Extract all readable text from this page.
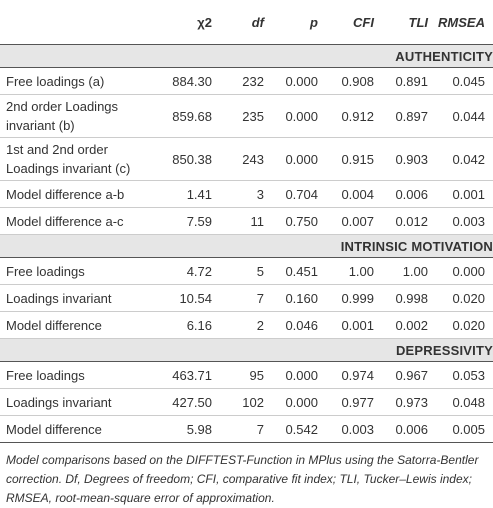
	χ2	df	p	CFI	TLI	RMSEA
AUTHENTICITY						
Free loadings (a)	884.30	232	0.000	0.908	0.891	0.045
2nd order Loadings invariant (b)	859.68	235	0.000	0.912	0.897	0.044
1st and 2nd order Loadings invariant (c)	850.38	243	0.000	0.915	0.903	0.042
Model difference a-b	1.41	3	0.704	0.004	0.006	0.001
Model difference a-c	7.59	11	0.750	0.007	0.012	0.003
INTRINSIC MOTIVATION						
Free loadings	4.72	5	0.451	1.00	1.00	0.000
Loadings invariant	10.54	7	0.160	0.999	0.998	0.020
Model difference	6.16	2	0.046	0.001	0.002	0.020
DEPRESSIVITY						
Free loadings	463.71	95	0.000	0.974	0.967	0.053
Loadings invariant	427.50	102	0.000	0.977	0.973	0.048
Model difference	5.98	7	0.542	0.003	0.006	0.005
Model comparisons based on the DIFFTEST-Function in MPlus using the Satorra-Bentler correction. Df, Degrees of freedom; CFI, comparative fit index; TLI, Tucker–Lewis index; RMSEA, root-mean-square error of approximation.
